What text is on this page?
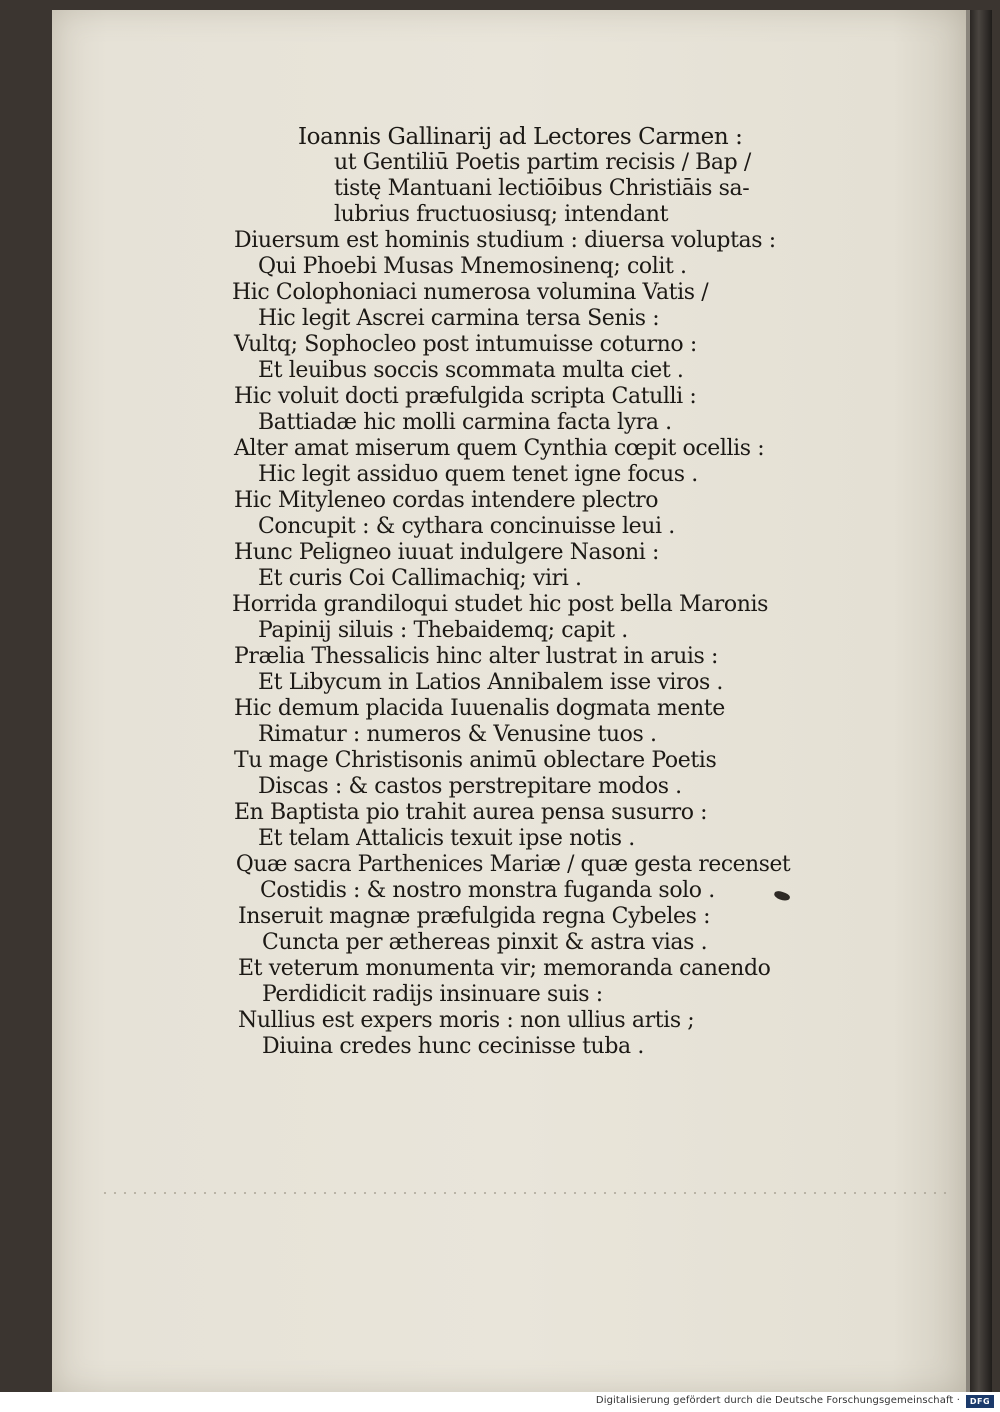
Ioannis Gallinarij ad Lectores Carmen :
ut Gentiliū Poetis partim recisis / Bap /
tistę Mantuani lectiōibus Christiāis sa-
lubrius fructuosiusq; intendant
Diuersum est hominis studium : diuersa voluptas :
Qui Phoebi Musas Mnemosinenq; colit .
Hic Colophoniaci numerosa volumina Vatis /
Hic legit Ascrei carmina tersa Senis :
Vultq; Sophocleo post intumuisse coturno :
Et leuibus soccis scommata multa ciet .
Hic voluit docti præfulgida scripta Catulli :
Battiadæ hic molli carmina facta lyra .
Alter amat miserum quem Cynthia cœpit ocellis :
Hic legit assiduo quem tenet igne focus .
Hic Mityleneo cordas intendere plectro
Concupit : & cythara concinuisse leui .
Hunc Peligneo iuuat indulgere Nasoni :
Et curis Coi Callimachiq; viri .
Horrida grandiloqui studet hic post bella Maronis
Papinij siluis : Thebaidemq; capit .
Prælia Thessalicis hinc alter lustrat in aruis :
Et Libycum in Latios Annibalem isse viros .
Hic demum placida Iuuenalis dogmata mente
Rimatur : numeros & Venusine tuos .
Tu mage Christisonis animū oblectare Poetis
Discas : & castos perstrepitare modos .
En Baptista pio trahit aurea pensa susurro :
Et telam Attalicis texuit ipse notis .
Quæ sacra Parthenices Mariæ / quæ gesta recenset
Costidis : & nostro monstra fuganda solo .
Inseruit magnæ præfulgida regna Cybeles :
Cuncta per æthereas pinxit & astra vias .
Et veterum monumenta vir; memoranda canendo
Perdidicit radijs insinuare suis :
Nullius est expers moris : non ullius artis ;
Diuina credes hunc cecinisse tuba .
Digitalisierung gefördert durch die Deutsche Forschungsgemeinschaft ·	DFG
